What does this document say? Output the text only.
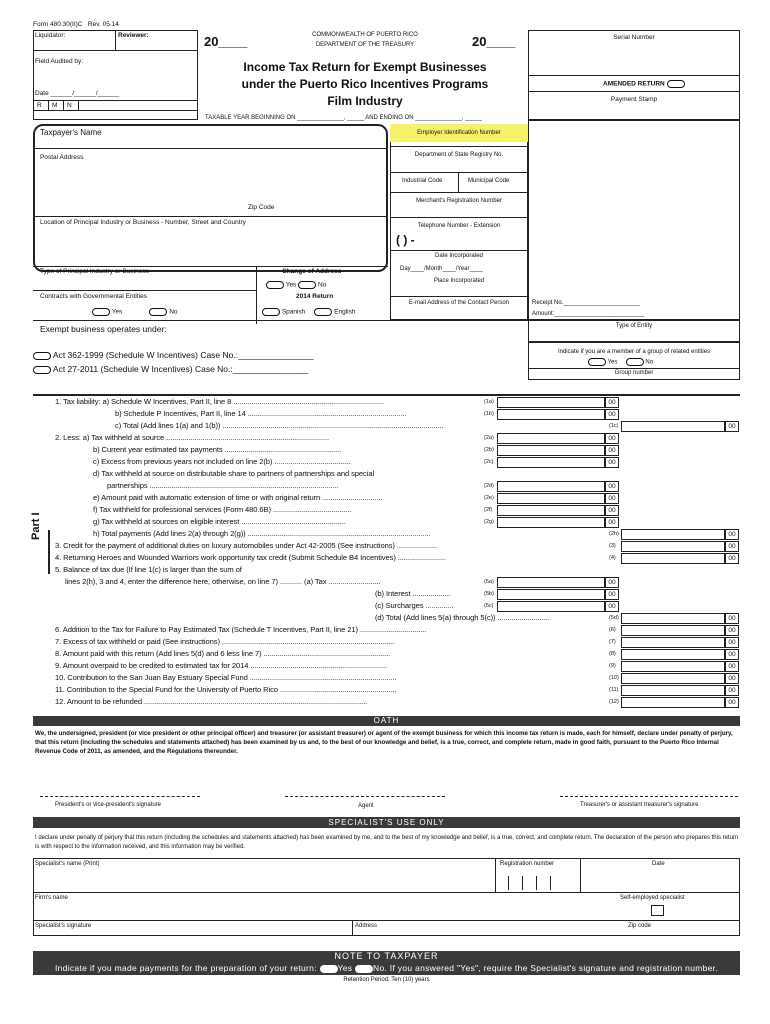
Form 480.30(II)C Rev. 05.14
Liquidator:	Reviewer:
Field Audited by:
Date ______/______/______
R M N
20____	COMMONWEALTH OF PUERTO RICO
DEPARTMENT OF THE TREASURY	20____
Income Tax Return for Exempt Businesses
under the Puerto Rico Incentives Programs
Film Industry
TAXABLE YEAR BEGINNING ON ______________, _____ AND ENDING ON ______________, _____
Serial Number
AMENDED RETURN
Payment Stamp
Taxpayer's Name
Postal Address
Zip Code
Location of Principal Industry or Business - Number, Street and Country
Type of Principal Industry or Business	Change of Address
Yes	No
2014 Return
Spanish	English
Contracts with Governmental Entities
Yes	No
Exempt business operates under:
Act 362-1999 (Schedule W Incentives) Case No.:________________
Act 27-2011 (Schedule W Incentives) Case No.:________________
Employer Identification Number
Department of State Registry No.
Industrial Code	Municipal Code
Merchant's Registration Number
Telephone Number - Extension
( ) -
Date Incorporated
Day____/Month____/Year____
Place Incorporated
E-mail Address of the Contact Person	Receipt No._______________________
Amount:___________________________
Type of Entity
Indicate if you are a member of a group of related entities
Yes	No
Group number
Part I
1. Tax liability: a) Schedule W Incentives, Part II, line 8 ...........................................................................	(1a)	00
b) Schedule P Incentives, Part II, line 14 ...............................................................................	(1b)	00
c) Total (Add lines 1(a) and 1(b)) ..............................................................................................................	(1c)	00
2. Less: a) Tax withheld at source .................................................................................	(2a)	00
b) Current year estimated tax payments ..........................................................	(2b)	00
c) Excess from previous years not included on line 2(b) ......................................	(2c)	00
d) Tax withheld at source on distributable share to partners of partnerships and special
partnerships ..............................................................................................	(2d)	00
e) Amount paid with automatic extension of time or with original return ..............................	(2e)	00
f) Tax withheld for professional services (Form 480.6B) .......................................	(2f)	00
g) Tax withheld at sources on eligible interest ....................................................	(2g)	00
h) Total payments (Add lines 2(a) through 2(g)) ...........................................................................................	(2h)	00
3. Credit for the payment of additional duties on luxury automobiles under Act 42-2005 (See instructions) ....................	(3)	00
4. Returning Heroes and Wounded Warriors work opportunity tax credit (Submit Schedule B4 Incentives) ........................	(4)	00
5. Balance of tax due (If line 1(c) is larger than the sum of
lines 2(h), 3 and 4, enter the difference here, otherwise, on line 7) ........... (a) Tax ..........................	(5a)	00
(b) Interest ...................	(5b)	00
(c) Surcharges ..............	(5c)	00
(d) Total (Add lines 5(a) through 5(c)) ..........................	(5d)	00
6. Addition to the Tax for Failure to Pay Estimated Tax (Schedule T Incentives, Part II, line 21) .................................	(6)	00
7. Excess of tax withheld or paid (See instructions) ......................................................................................	(7)	00
8. Amount paid with this return (Add lines 5(d) and 6 less line 7) ...............................................................	(8)	00
9. Amount overpaid to be credited to estimated tax for 2014 ....................................................................	(9)	00
10. Contribution to the San Juan Bay Estuary Special Fund .........................................................................	(10)	00
11. Contribution to the Special Fund for the University of Puerto Rico ..........................................................	(11)	00
12. Amount to be refunded ...............................................................................................................	(12)	00
OATH
We, the undersigned, president (or vice president or other principal officer) and treasurer (or assistant treasurer) or agent of the exempt business for which this income tax return is made, each for himself, declare under penalty of perjury, that this return (including the schedules and statements attached) has been examined by us and, to the best of our knowledge and belief, is a true, correct, and complete return, made in good faith, pursuant to the Puerto Rico Internal Revenue Code of 2011, as amended, and the Regulations thereunder.
President's or vice-president's signature	Agent	Treasurer's or assistant treasurer's signature
SPECIALIST'S USE ONLY
I declare under penalty of perjury that this return (including the schedules and statements attached) has been examined by me, and to the best of my knowledge and belief, is a true, correct, and complete return. The declaration of the person who prepares this return is with respect to the information received, and this information may be verified.
Specialist's name (Print)	Registration number	Date
Firm's name	Self-employed specialist
Specialist's signature	Address	Zip code
NOTE TO TAXPAYER
Indicate if you made payments for the preparation of your return: Yes No. If you answered "Yes", require the Specialist's signature and registration number.
Retention Period: Ten (10) years
